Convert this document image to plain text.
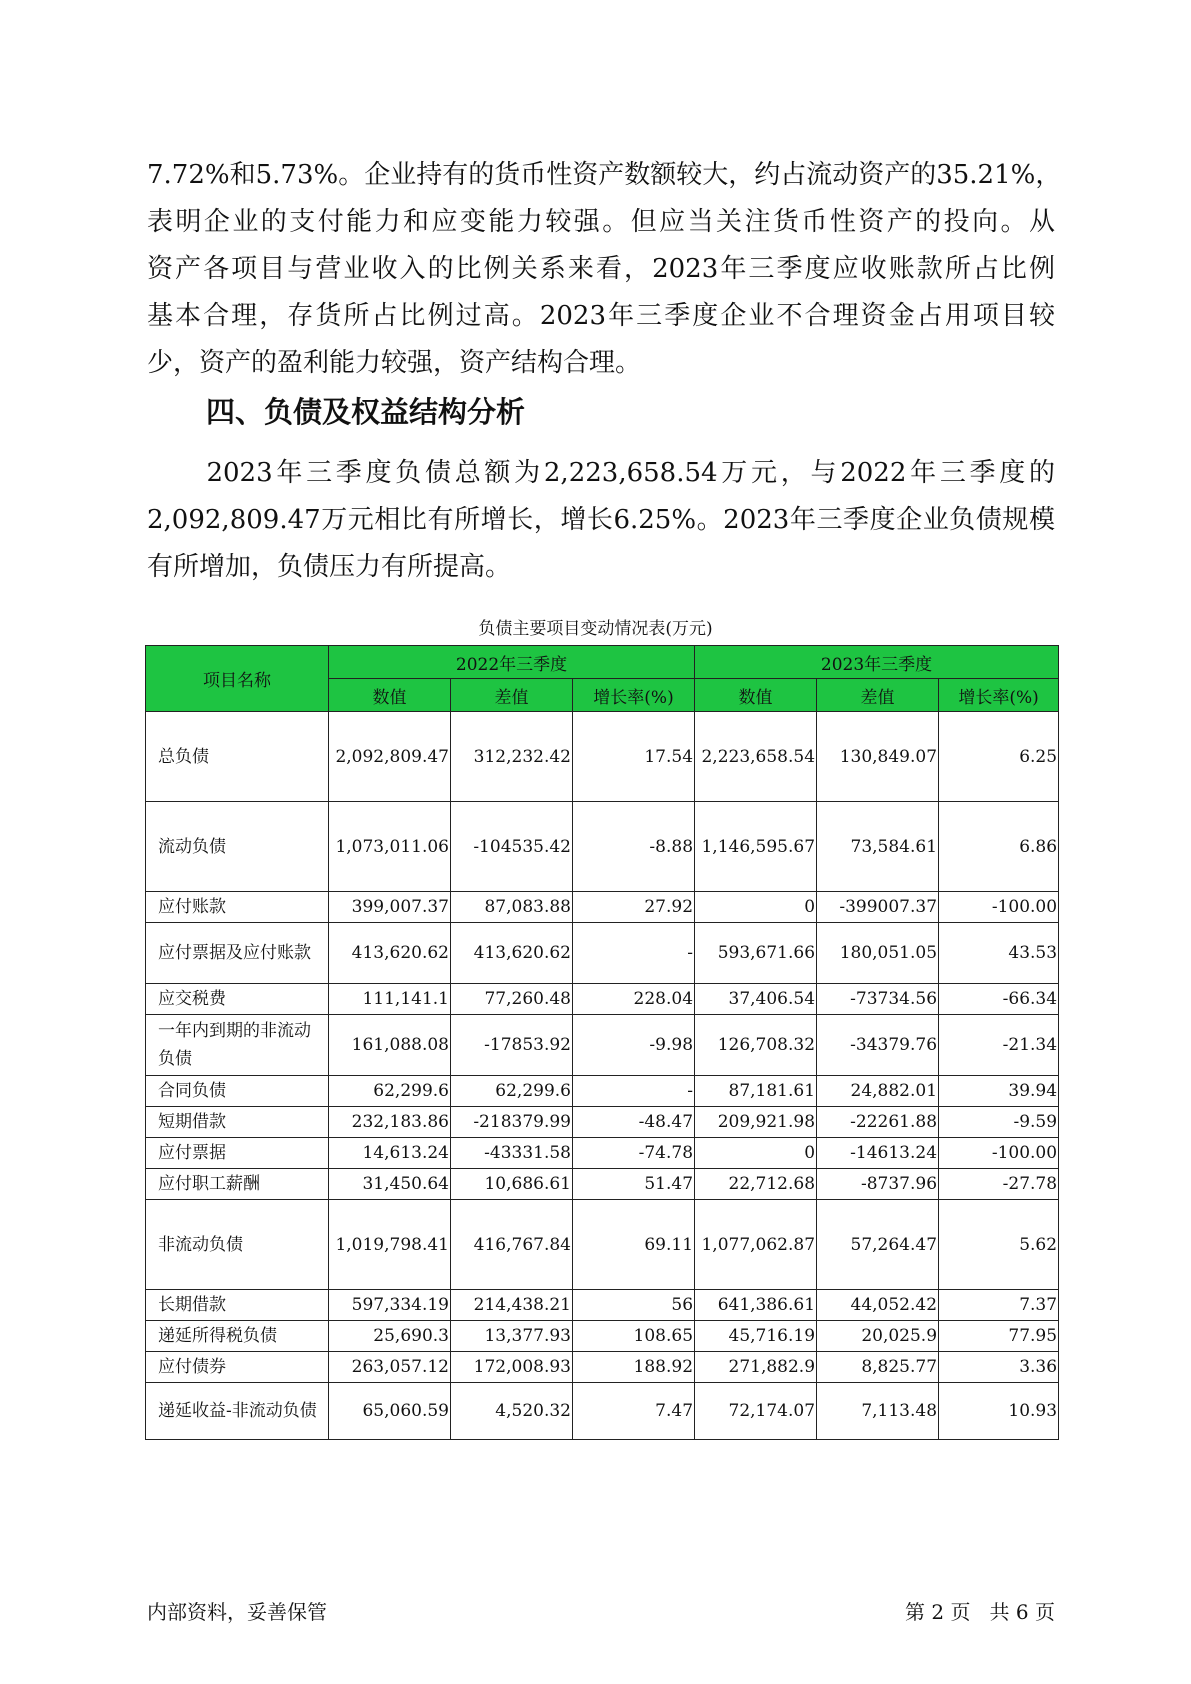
7.72%和5.73%。企业持有的货币性资产数额较大，约占流动资产的35.21%，
表明企业的支付能力和应变能力较强。但应当关注货币性资产的投向。从
资产各项目与营业收入的比例关系来看，2023年三季度应收账款所占比例
基本合理，存货所占比例过高。2023年三季度企业不合理资金占用项目较
少，资产的盈利能力较强，资产结构合理。

四、负债及权益结构分析

　　2023年三季度负债总额为2,223,658.54万元，与2022年三季度的
2,092,809.47万元相比有所增长，增长6.25%。2023年三季度企业负债规模
有所增加，负债压力有所提高。

负债主要项目变动情况表(万元)
项目名称	2022年三季度			2023年三季度		
	数值	差值	增长率(%)	数值	差值	增长率(%)
总负债	2,092,809.47	312,232.42	17.54	2,223,658.54	130,849.07	6.25
流动负债	1,073,011.06	-104535.42	-8.88	1,146,595.67	73,584.61	6.86
应付账款	399,007.37	87,083.88	27.92	0	-399007.37	-100.00
应付票据及应付账款	413,620.62	413,620.62	-	593,671.66	180,051.05	43.53
应交税费	111,141.1	77,260.48	228.04	37,406.54	-73734.56	-66.34
一年内到期的非流动负债	161,088.08	-17853.92	-9.98	126,708.32	-34379.76	-21.34
合同负债	62,299.6	62,299.6	-	87,181.61	24,882.01	39.94
短期借款	232,183.86	-218379.99	-48.47	209,921.98	-22261.88	-9.59
应付票据	14,613.24	-43331.58	-74.78	0	-14613.24	-100.00
应付职工薪酬	31,450.64	10,686.61	51.47	22,712.68	-8737.96	-27.78
非流动负债	1,019,798.41	416,767.84	69.11	1,077,062.87	57,264.47	5.62
长期借款	597,334.19	214,438.21	56	641,386.61	44,052.42	7.37
递延所得税负债	25,690.3	13,377.93	108.65	45,716.19	20,025.9	77.95
应付债券	263,057.12	172,008.93	188.92	271,882.9	8,825.77	3.36
递延收益-非流动负债	65,060.59	4,520.32	7.47	72,174.07	7,113.48	10.93
内部资料，妥善保管	第 2 页   共 6 页
